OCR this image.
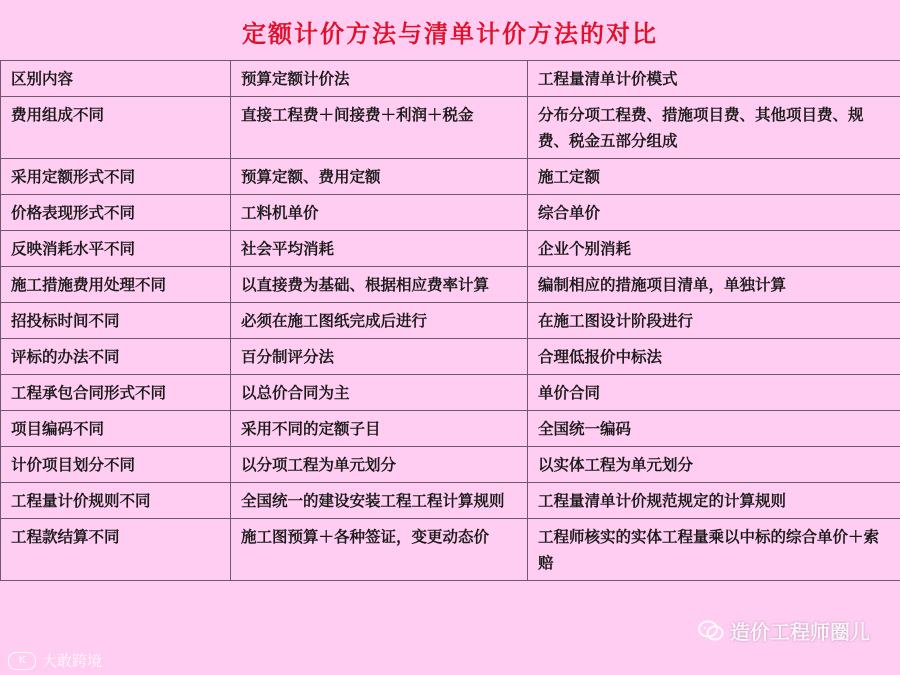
定额计价方法与清单计价方法的对比
区别内容	预算定额计价法	工程量清单计价模式
费用组成不同	直接工程费＋间接费＋利润＋税金	分布分项工程费、措施项目费、其他项目费、规费、税金五部分组成
采用定额形式不同	预算定额、费用定额	施工定额
价格表现形式不同	工料机单价	综合单价
反映消耗水平不同	社会平均消耗	企业个别消耗
施工措施费用处理不同	以直接费为基础、根据相应费率计算	编制相应的措施项目清单，单独计算
招投标时间不同	必须在施工图纸完成后进行	在施工图设计阶段进行
评标的办法不同	百分制评分法	合理低报价中标法
工程承包合同形式不同	以总价合同为主	单价合同
项目编码不同	采用不同的定额子目	全国统一编码
计价项目划分不同	以分项工程为单元划分	以实体工程为单元划分
工程量计价规则不同	全国统一的建设安装工程工程计算规则	工程量清单计价规范规定的计算规则
工程款结算不同	施工图预算＋各种签证，变更动态价	工程师核实的实体工程量乘以中标的综合单价＋索赔
造价工程师圈儿
K	大敢跨境
